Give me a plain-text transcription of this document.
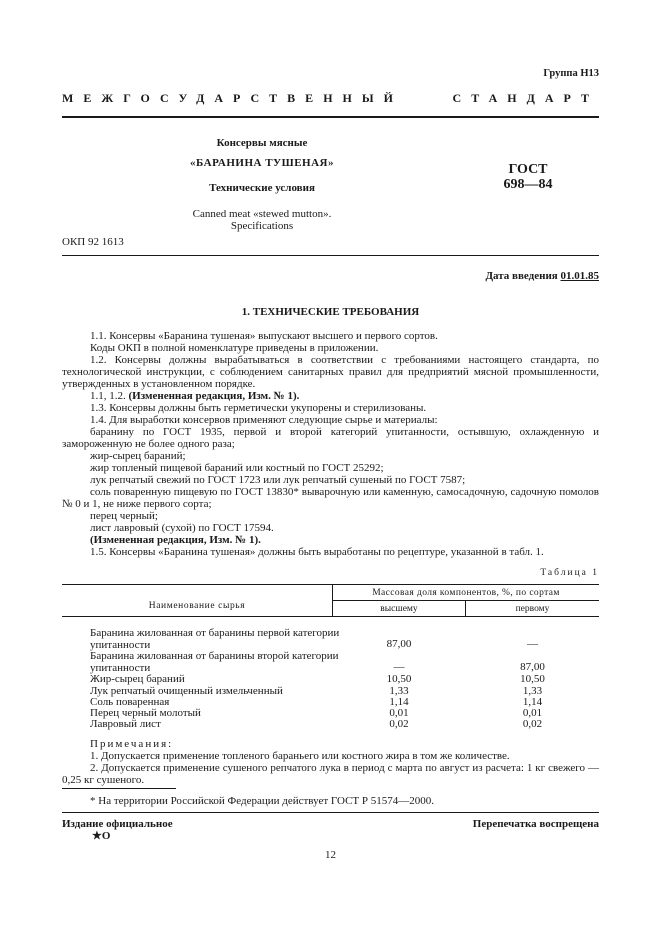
Группа Н13
МЕЖГОСУДАРСТВЕННЫЙ СТАНДАРТ
Консервы мясные
«БАРАНИНА ТУШЕНАЯ»
Технические условия
Canned meat «stewed mutton».
Specifications
ГОСТ
698—84
ОКП 92 1613
Дата введения 01.01.85
1. ТЕХНИЧЕСКИЕ ТРЕБОВАНИЯ
1.1. Консервы «Баранина тушеная» выпускают высшего и первого сортов.
Коды ОКП в полной номенклатуре приведены в приложении.
1.2. Консервы должны вырабатываться в соответствии с требованиями настоящего стандарта, по технологической инструкции, с соблюдением санитарных правил для предприятий мясной промышленности, утвержденных в установленном порядке.
1.1, 1.2. (Измененная редакция, Изм. № 1).
1.3. Консервы должны быть герметически укупорены и стерилизованы.
1.4. Для выработки консервов применяют следующие сырье и материалы:
баранину по ГОСТ 1935, первой и второй категорий упитанности, остывшую, охлажденную и замороженную не более одного раза;
жир-сырец бараний;
жир топленый пищевой бараний или костный по ГОСТ 25292;
лук репчатый свежий по ГОСТ 1723 или лук репчатый сушеный по ГОСТ 7587;
соль поваренную пищевую по ГОСТ 13830* выварочную или каменную, самосадочную, садочную помолов № 0 и 1, не ниже первого сорта;
перец черный;
лист лавровый (сухой) по ГОСТ 17594.
(Измененная редакция, Изм. № 1).
1.5. Консервы «Баранина тушеная» должны быть выработаны по рецептуре, указанной в табл. 1.
Таблица 1
Наименование сырья
Массовая доля компонентов, %, по сортам
высшему	первому
Баранина жилованная от баранины первой категории упитанности	87,00	—
Баранина жилованная от баранины второй категории упитанности	—	87,00
Жир-сырец бараний	10,50	10,50
Лук репчатый очищенный измельченный	1,33	1,33
Соль поваренная	1,14	1,14
Перец черный молотый	0,01	0,01
Лавровый лист	0,02	0,02
Примечания:
1. Допускается применение топленого бараньего или костного жира в том же количестве.
2. Допускается применение сушеного репчатого лука в период с марта по август из расчета: 1 кг свежего — 0,25 кг сушеного.
* На территории Российской Федерации действует ГОСТ Р 51574—2000.
Издание официальное	Перепечатка воспрещена
★O
12
